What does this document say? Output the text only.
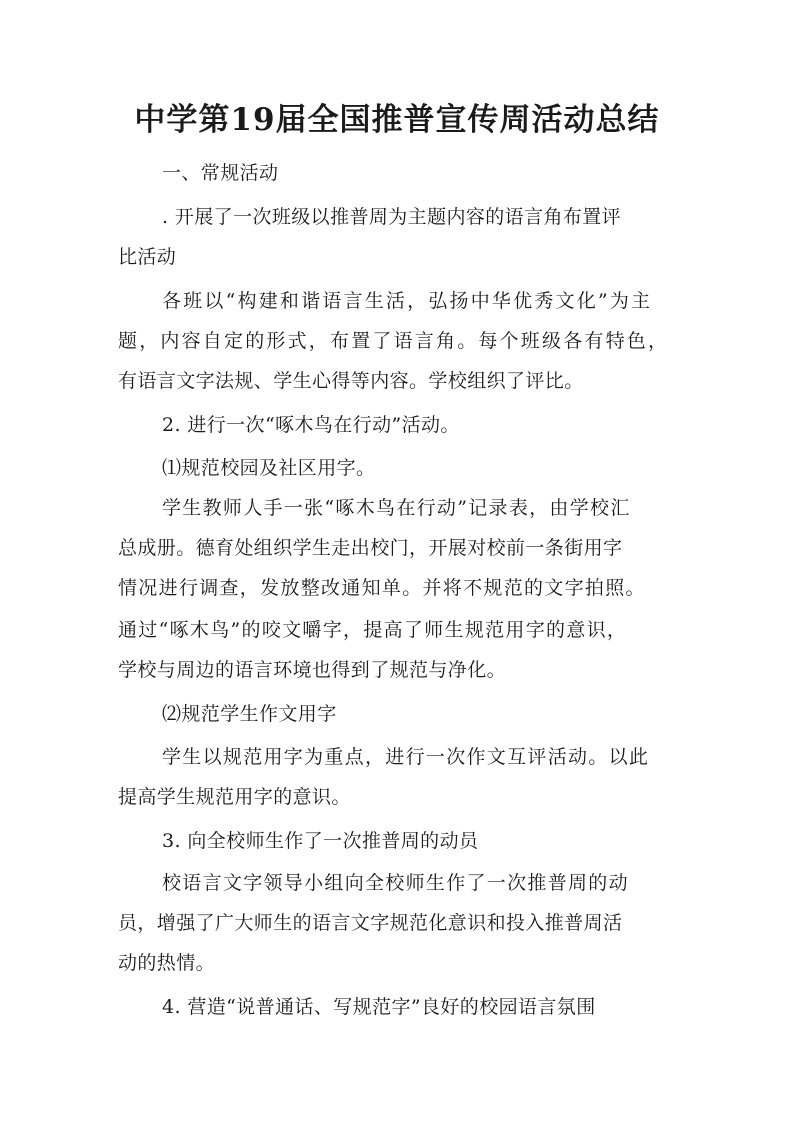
中学第19届全国推普宣传周活动总结
一、常规活动
. 开展了一次班级以推普周为主题内容的语言角布置评
比活动
各班以“构建和谐语言生活，弘扬中华优秀文化”为主
题，内容自定的形式，布置了语言角。每个班级各有特色，
有语言文字法规、学生心得等内容。学校组织了评比。
2. 进行一次“啄木鸟在行动”活动。
⑴规范校园及社区用字。
学生教师人手一张“啄木鸟在行动”记录表，由学校汇
总成册。德育处组织学生走出校门，开展对校前一条街用字
情况进行调查，发放整改通知单。并将不规范的文字拍照。
通过“啄木鸟”的咬文嚼字，提高了师生规范用字的意识，
学校与周边的语言环境也得到了规范与净化。
⑵规范学生作文用字
学生以规范用字为重点，进行一次作文互评活动。以此
提高学生规范用字的意识。
3. 向全校师生作了一次推普周的动员
校语言文字领导小组向全校师生作了一次推普周的动
员，增强了广大师生的语言文字规范化意识和投入推普周活
动的热情。
4. 营造“说普通话、写规范字”良好的校园语言氛围
